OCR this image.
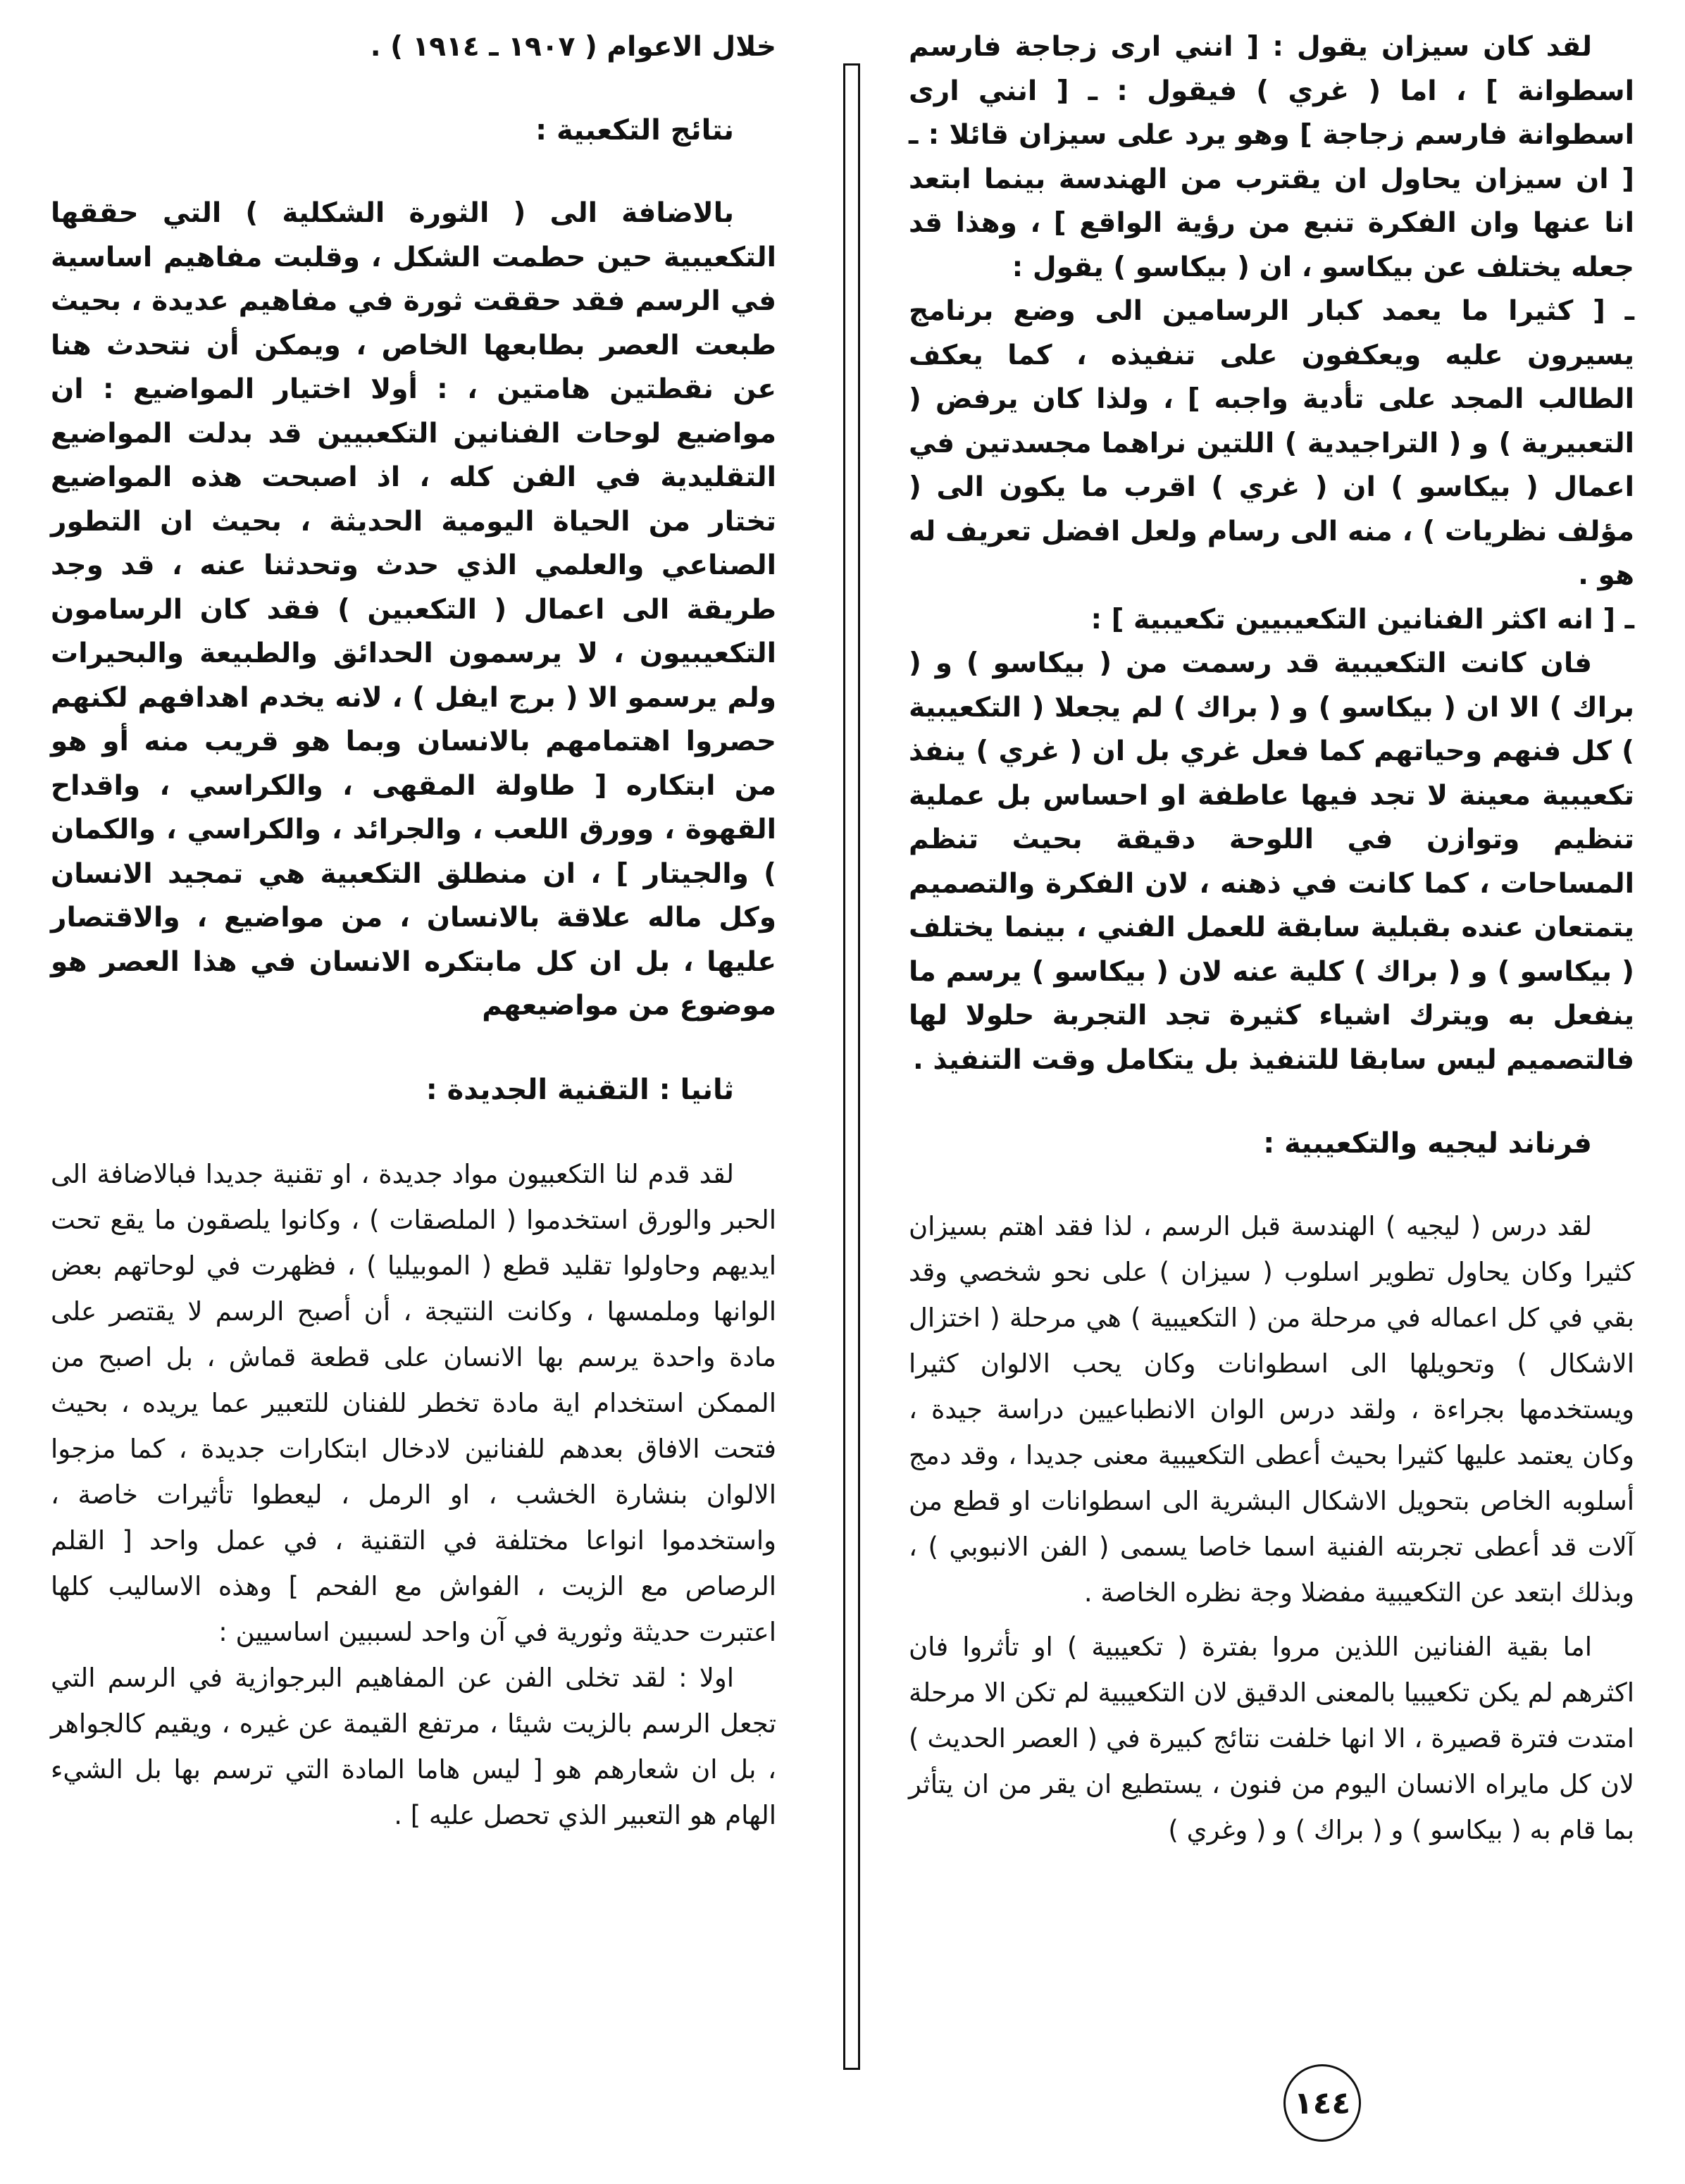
لقد كان سيزان يقول : [ انني ارى زجاجة فارسم اسطوانة ] ، اما ( غري ) فيقول : ـ [ انني ارى اسطوانة فارسم زجاجة ] وهو يرد على سيزان قائلا : ـ [ ان سيزان يحاول ان يقترب من الهندسة بينما ابتعد انا عنها وان الفكرة تنبع من رؤية الواقع ] ، وهذا قد جعله يختلف عن بيكاسو ، ان ( بيكاسو ) يقول :

ـ [ كثيرا ما يعمد كبار الرسامين الى وضع برنامج يسيرون عليه ويعكفون على تنفيذه ، كما يعكف الطالب المجد على تأدية واجبه ] ، ولذا كان يرفض ( التعبيرية ) و ( التراجيدية ) اللتين نراهما مجسدتين في اعمال ( بيكاسو ) ان ( غري ) اقرب ما يكون الى ( مؤلف نظريات ) ، منه الى رسام ولعل افضل تعريف له هو .

ـ [ انه اكثر الفنانين التكعيبيين تكعيبية ] :

فان كانت التكعيبية قد رسمت من ( بيكاسو ) و ( براك ) الا ان ( بيكاسو ) و ( براك ) لم يجعلا ( التكعيبية ) كل فنهم وحياتهم كما فعل غري بل ان ( غري ) ينفذ تكعيبية معينة لا تجد فيها عاطفة او احساس بل عملية تنظيم وتوازن في اللوحة دقيقة بحيث تنظم المساحات ، كما كانت في ذهنه ، لان الفكرة والتصميم يتمتعان عنده بقبلية سابقة للعمل الفني ، بينما يختلف ( بيكاسو ) و ( براك ) كلية عنه لان ( بيكاسو ) يرسم ما ينفعل به ويترك اشياء كثيرة تجد التجربة حلولا لها فالتصميم ليس سابقا للتنفيذ بل يتكامل وقت التنفيذ .

فرناند ليجيه والتكعيبية :

لقد درس ( ليجيه ) الهندسة قبل الرسم ، لذا فقد اهتم بسيزان كثيرا وكان يحاول تطوير اسلوب ( سيزان ) على نحو شخصي وقد بقي في كل اعماله في مرحلة من ( التكعيبية ) هي مرحلة ( اختزال الاشكال ) وتحويلها الى اسطوانات وكان يحب الالوان كثيرا ويستخدمها بجراءة ، ولقد درس الوان الانطباعيين دراسة جيدة ، وكان يعتمد عليها كثيرا بحيث أعطى التكعيبية معنى جديدا ، وقد دمج أسلوبه الخاص بتحويل الاشكال البشرية الى اسطوانات او قطع من آلات قد أعطى تجربته الفنية اسما خاصا يسمى ( الفن الانبوبي ) ، وبذلك ابتعد عن التكعيبية مفضلا وجة نظره الخاصة .

اما بقية الفنانين اللذين مروا بفترة ( تكعيبية ) او تأثروا فان اكثرهم لم يكن تكعيبيا بالمعنى الدقيق لان التكعيبية لم تكن الا مرحلة امتدت فترة قصيرة ، الا انها خلفت نتائج كبيرة في ( العصر الحديث ) لان كل مايراه الانسان اليوم من فنون ، يستطيع ان يقر من ان يتأثر بما قام به ( بيكاسو ) و ( براك ) و ( وغري )

خلال الاعوام ( ١٩٠٧ ـ ١٩١٤ ) .

نتائج التكعبية :

بالاضافة الى ( الثورة الشكلية ) التي حققها التكعيبية حين حطمت الشكل ، وقلبت مفاهيم اساسية في الرسم فقد حققت ثورة في مفاهيم عديدة ، بحيث طبعت العصر بطابعها الخاص ، ويمكن أن نتحدث هنا عن نقطتين هامتين ، : أولا اختيار المواضيع : ان مواضيع لوحات الفنانين التكعبيين قد بدلت المواضيع التقليدية في الفن كله ، اذ اصبحت هذه المواضيع تختار من الحياة اليومية الحديثة ، بحيث ان التطور الصناعي والعلمي الذي حدث وتحدثنا عنه ، قد وجد طريقة الى اعمال ( التكعبين ) فقد كان الرسامون التكعيبيون ، لا يرسمون الحدائق والطبيعة والبحيرات ولم يرسمو الا ( برج ايفل ) ، لانه يخدم اهدافهم لكنهم حصروا اهتمامهم بالانسان وبما هو قريب منه أو هو من ابتكاره [ طاولة المقهى ، والكراسي ، واقداح القهوة ، وورق اللعب ، والجرائد ، والكراسي ، والكمان ) والجيتار ] ، ان منطلق التكعبية هي تمجيد الانسان وكل ماله علاقة بالانسان ، من مواضيع ، والاقتصار عليها ، بل ان كل مابتكره الانسان في هذا العصر هو موضوع من مواضيعهم

ثانيا : التقنية الجديدة :

لقد قدم لنا التكعبيون مواد جديدة ، او تقنية جديدا فبالاضافة الى الحبر والورق استخدموا ( الملصقات ) ، وكانوا يلصقون ما يقع تحت ايديهم وحاولوا تقليد قطع ( الموبيليا ) ، فظهرت في لوحاتهم بعض الوانها وملمسها ، وكانت النتيجة ، أن أصبح الرسم لا يقتصر على مادة واحدة يرسم بها الانسان على قطعة قماش ، بل اصبح من الممكن استخدام اية مادة تخطر للفنان للتعبير عما يريده ، بحيث فتحت الافاق بعدهم للفنانين لادخال ابتكارات جديدة ، كما مزجوا الالوان بنشارة الخشب ، او الرمل ، ليعطوا تأثيرات خاصة ، واستخدموا انواعا مختلفة في التقنية ، في عمل واحد [ القلم الرصاص مع الزيت ، الفواش مع الفحم ] وهذه الاساليب كلها اعتبرت حديثة وثورية في آن واحد لسببين اساسيين :

اولا : لقد تخلى الفن عن المفاهيم البرجوازية في الرسم التي تجعل الرسم بالزيت شيئا ، مرتفع القيمة عن غيره ، ويقيم كالجواهر ، بل ان شعارهم هو [ ليس هاما المادة التي ترسم بها بل الشيء الهام هو التعبير الذي تحصل عليه ] .

١٤٤
